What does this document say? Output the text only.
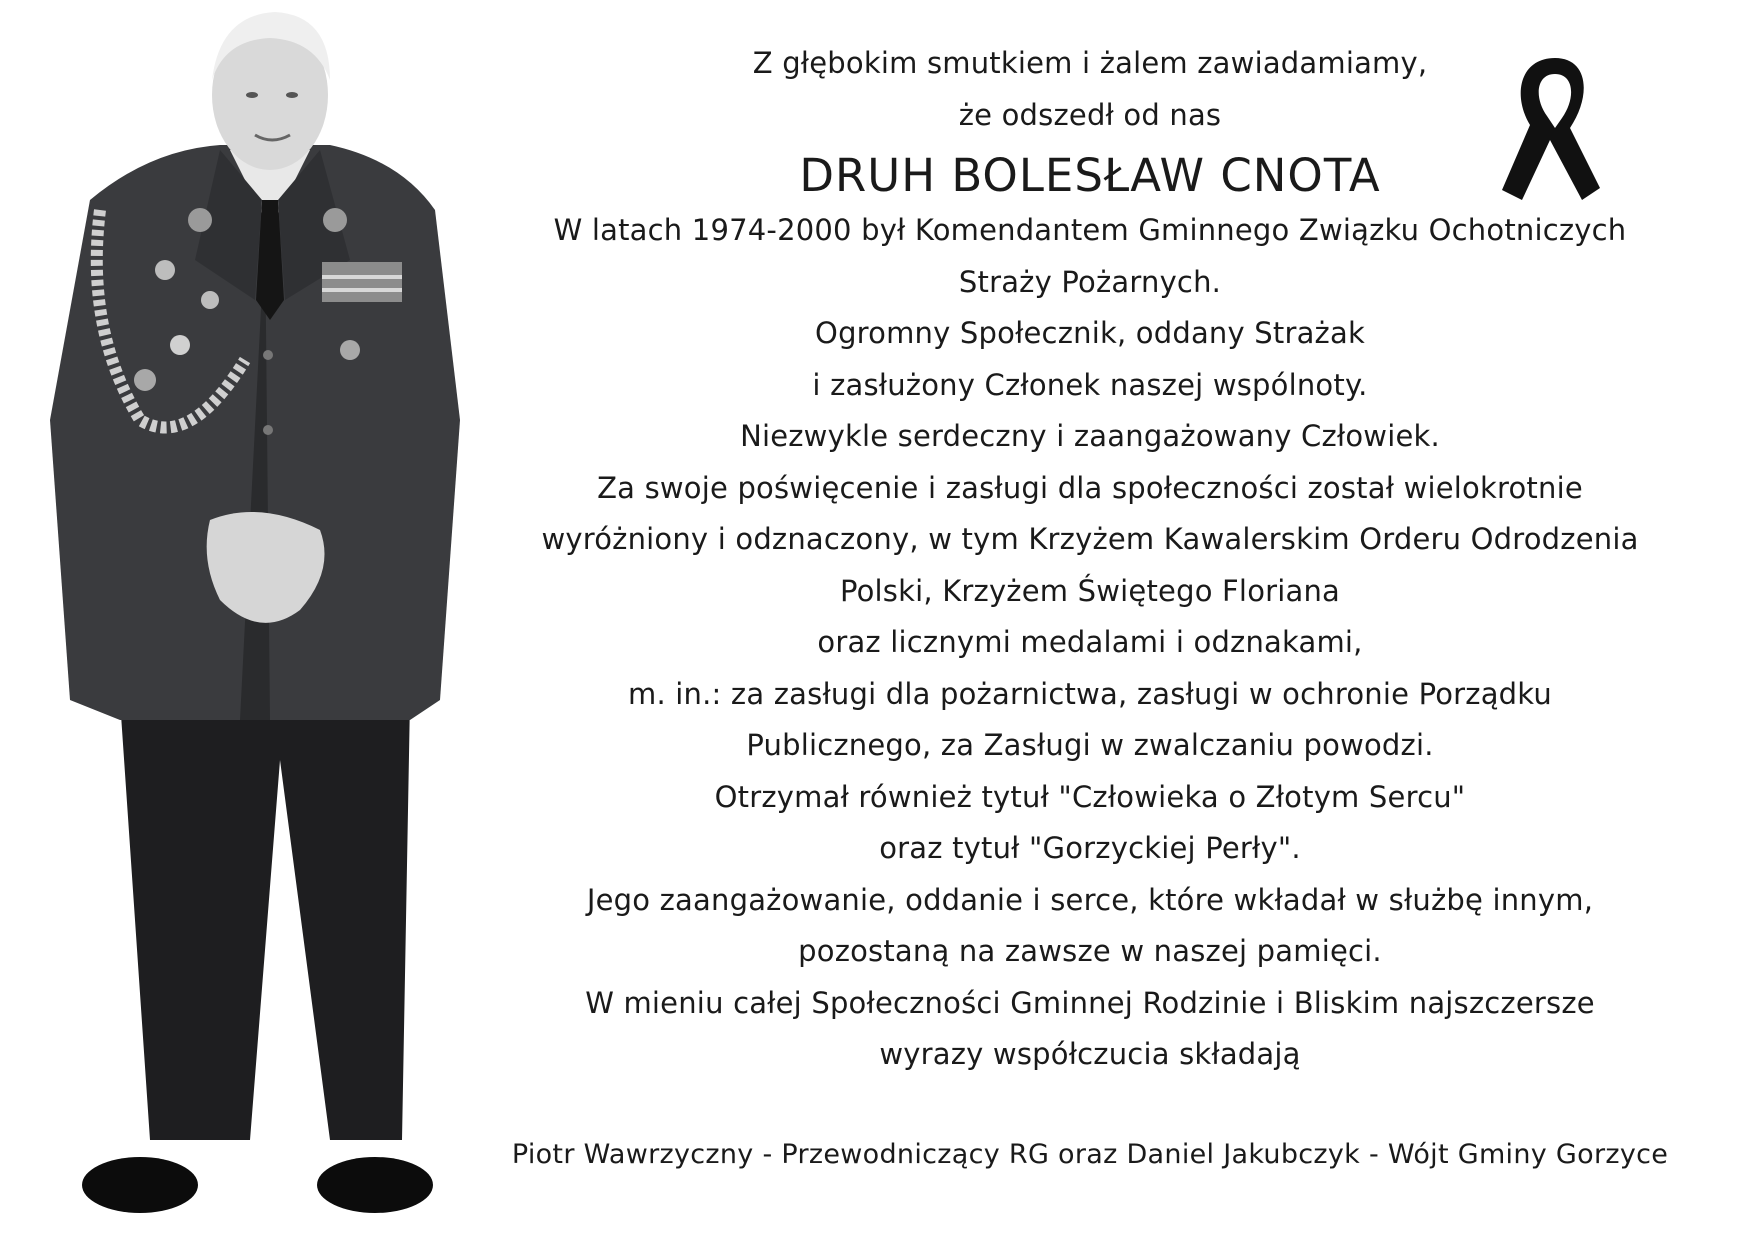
Z głębokim smutkiem i żalem zawiadamiamy,
że odszedł od nas
DRUH BOLESŁAW CNOTA
W latach 1974-2000 był Komendantem Gminnego Związku Ochotniczych
Straży Pożarnych.
Ogromny Społecznik, oddany Strażak
i zasłużony Członek naszej wspólnoty.
Niezwykle serdeczny i zaangażowany Człowiek.
Za swoje poświęcenie i zasługi dla społeczności został wielokrotnie
wyróżniony i odznaczony, w tym Krzyżem Kawalerskim Orderu Odrodzenia
Polski, Krzyżem Świętego Floriana
oraz licznymi medalami i odznakami,
m. in.: za zasługi dla pożarnictwa, zasługi w ochronie Porządku
Publicznego, za Zasługi w zwalczaniu powodzi.
Otrzymał również tytuł "Człowieka o Złotym Sercu"
oraz tytuł "Gorzyckiej Perły".
Jego zaangażowanie, oddanie i serce, które wkładał w służbę innym,
pozostaną na zawsze w naszej pamięci.
W mieniu całej Społeczności Gminnej Rodzinie i Bliskim najszczersze
wyrazy współczucia składają
Piotr Wawrzyczny - Przewodniczący RG oraz Daniel Jakubczyk - Wójt Gminy Gorzyce
